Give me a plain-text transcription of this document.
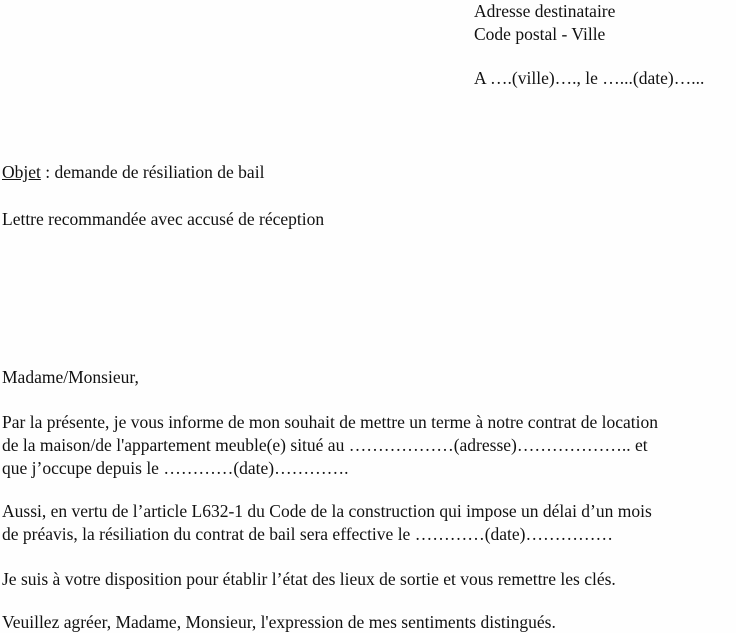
Adresse destinataire
Code postal - Ville
A ….(ville)…., le …...(date)…...
Objet : demande de résiliation de bail
Lettre recommandée avec accusé de réception
Madame/Monsieur,
Par la présente, je vous informe de mon souhait de mettre un terme à notre contrat de location
de la maison/de l'appartement meuble(e) situé au ………………(adresse)……………….. et
que j’occupe depuis le …………(date)………….
Aussi, en vertu de l’article L632-1 du Code de la construction qui impose un délai d’un mois
de préavis, la résiliation du contrat de bail sera effective le …………(date)……………
Je suis à votre disposition pour établir l’état des lieux de sortie et vous remettre les clés.
Veuillez agréer, Madame, Monsieur, l'expression de mes sentiments distingués.
